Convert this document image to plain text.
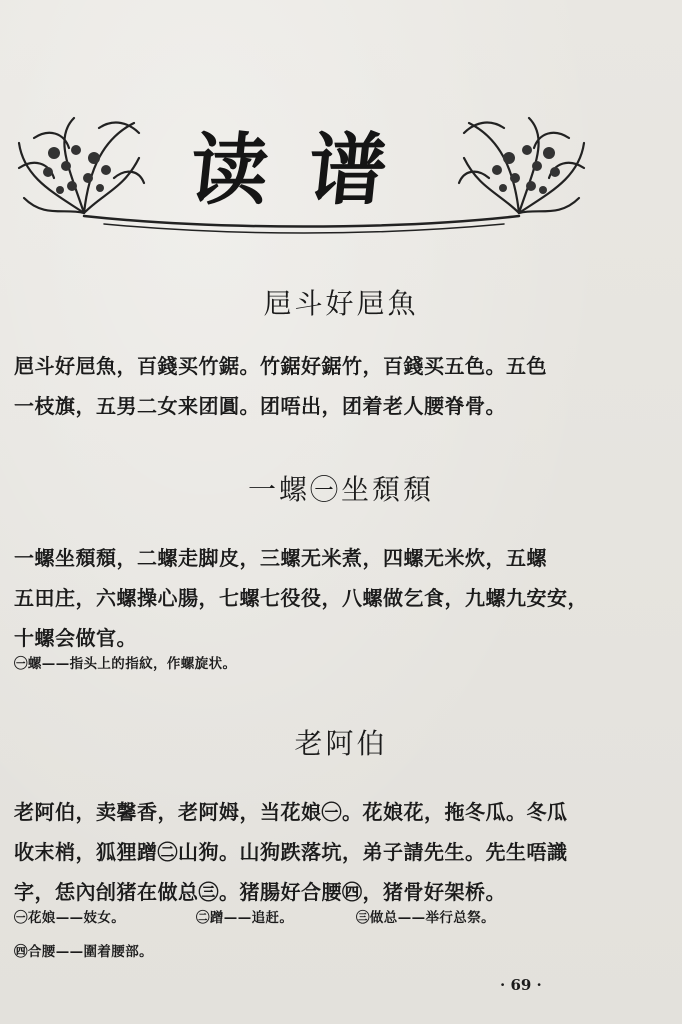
读谱
㞎斗好㞎魚
㞎斗好㞎魚，百錢买竹鋸。竹鋸好鋸竹，百錢买五色。五色
一枝旗，五男二女来团圓。团唔出，团着老人腰脊骨。
一螺㊀坐頹頹
一螺坐頹頹，二螺走脚皮，三螺无米煮，四螺无米炊，五螺
五田庄，六螺操心腸，七螺七役役，八螺做乞食，九螺九安安，
十螺会做官。
㊀螺——指头上的指紋，作螺旋状。
老阿伯
老阿伯，卖馨香，老阿姆，当花娘㊀。花娘花，拖冬瓜。冬瓜
收末梢，狐狸蹭㊁山狗。山狗跌落坑，弟子請先生。先生唔識
字，恁內刣猪在做总㊂。猪腸好合腰㊃，猪骨好架桥。
㊀花娘——妓女。	㊁蹭——追赶。	㊂做总——举行总祭。
㊃合腰——圍着腰部。
· 69 ·
